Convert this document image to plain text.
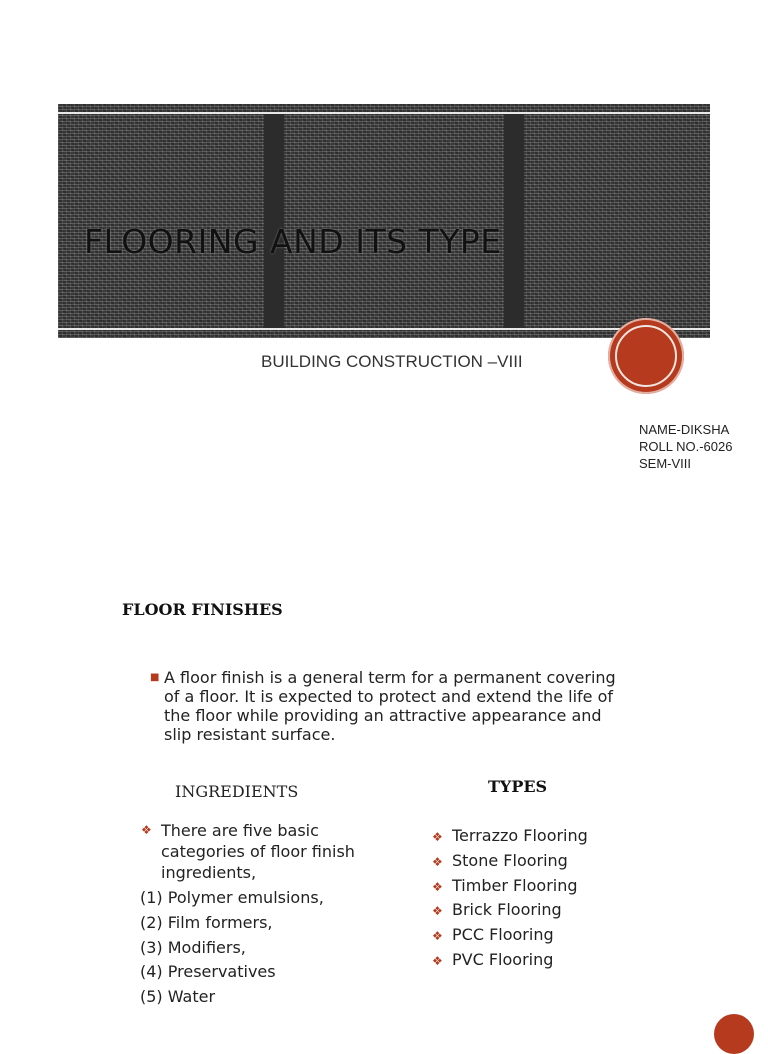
FLOORING AND ITS TYPE
BUILDING CONSTRUCTION –VIII
NAME-DIKSHA
ROLL NO.-6026
SEM-VIII
FLOOR FINISHES
■ A floor finish is a general term for a permanent covering of a floor. It is expected to protect and extend the life of the floor while providing an attractive appearance and slip resistant surface.
INGREDIENTS	TYPES
❖ There are five basic categories of floor finish ingredients,
(1) Polymer emulsions,
(2) Film formers,
(3) Modifiers,
(4) Preservatives
(5) Water
❖ Terrazzo Flooring
❖ Stone Flooring
❖ Timber Flooring
❖ Brick Flooring
❖ PCC Flooring
❖ PVC Flooring
